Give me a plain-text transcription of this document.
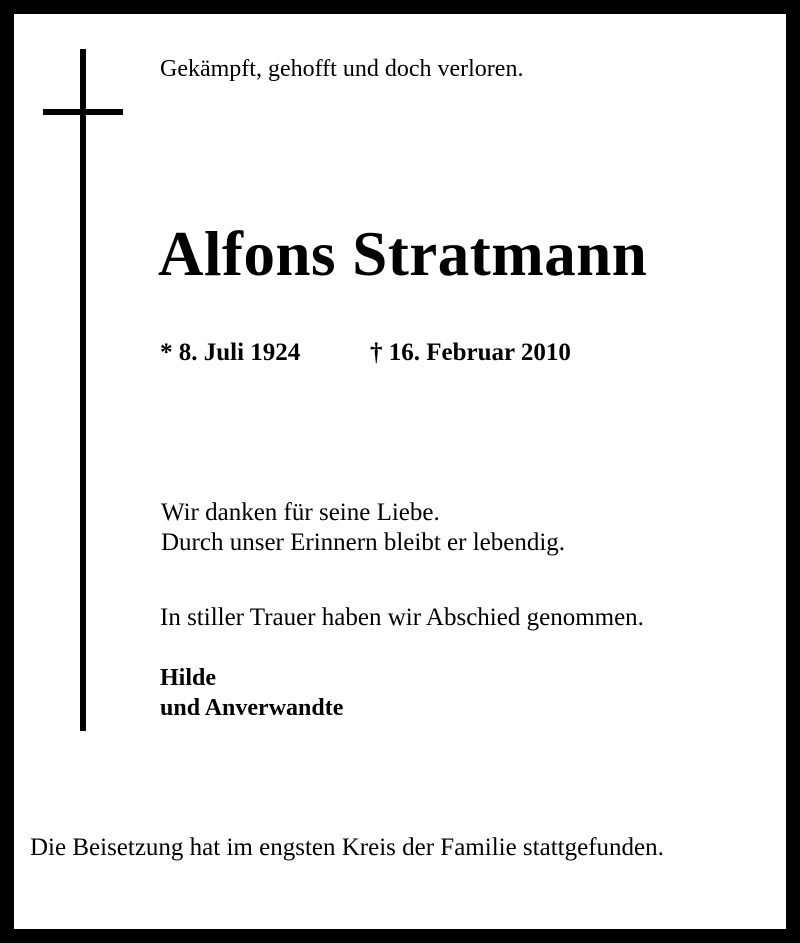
Gekämpft, gehofft und doch verloren.
Alfons Stratmann
* 8. Juli 1924	† 16. Februar 2010
Wir danken für seine Liebe.
Durch unser Erinnern bleibt er lebendig.
In stiller Trauer haben wir Abschied genommen.
Hilde
und Anverwandte
Die Beisetzung hat im engsten Kreis der Familie stattgefunden.
